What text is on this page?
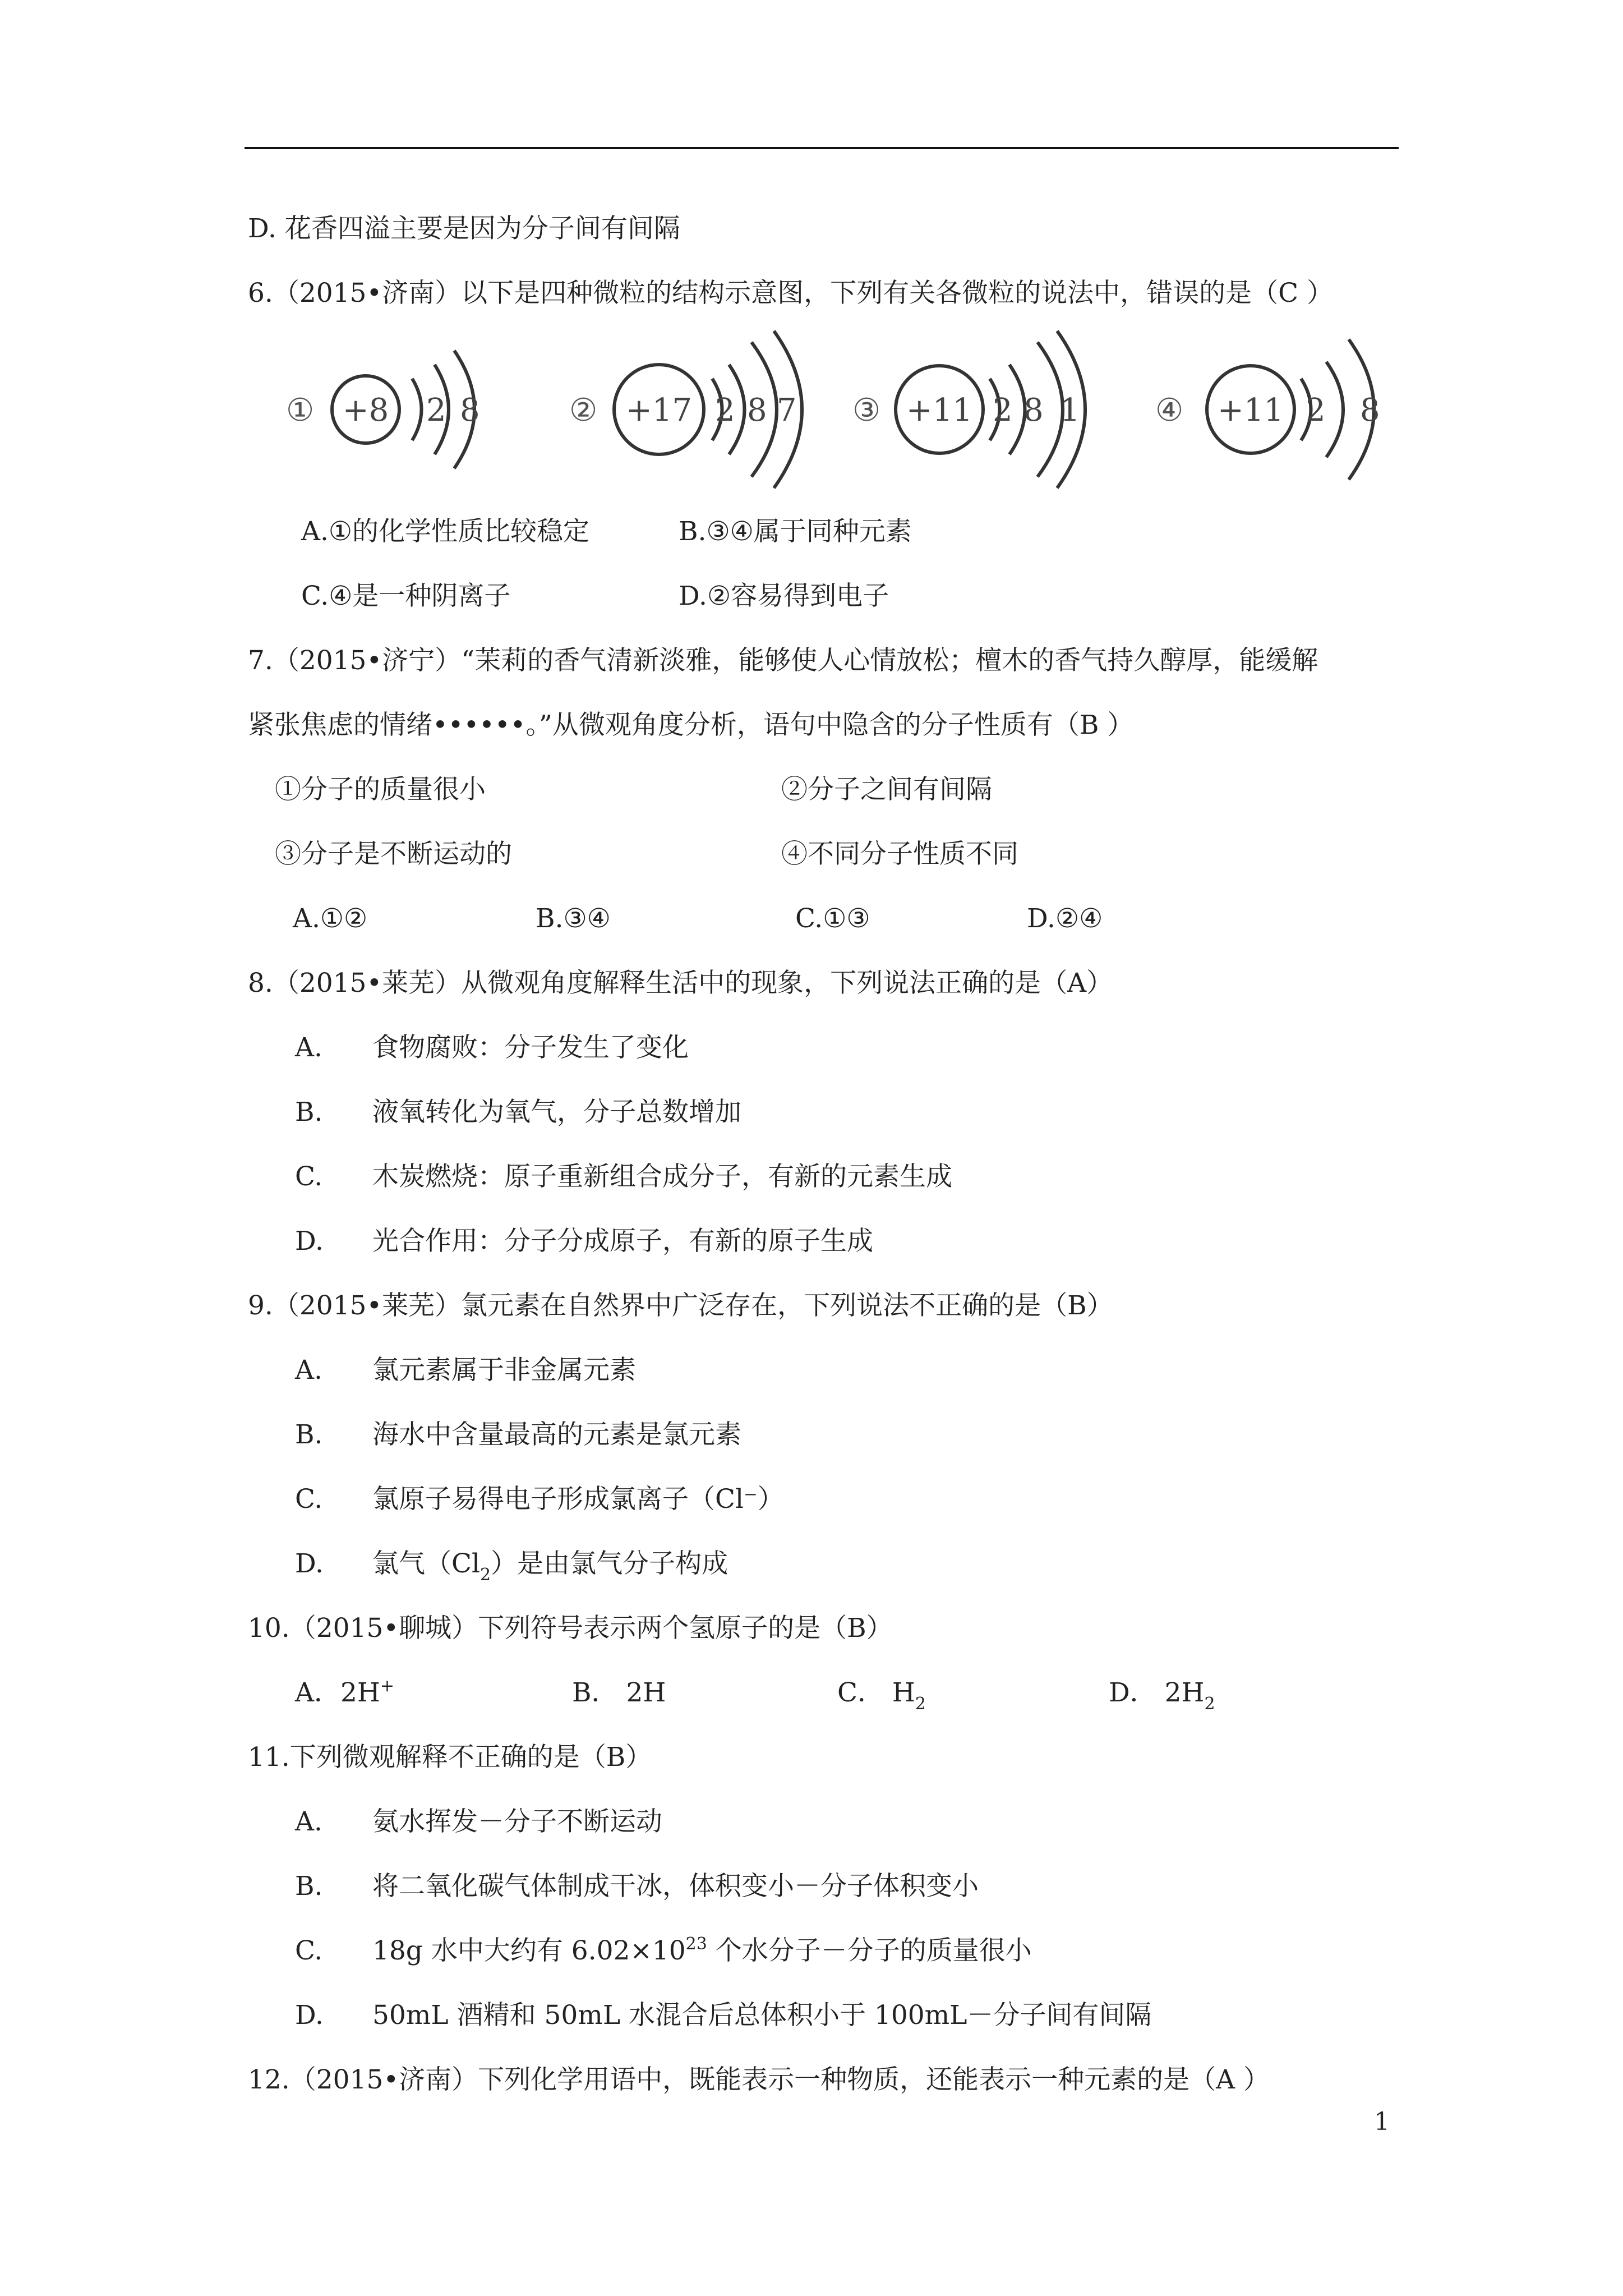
D. 花香四溢主要是因为分子间有间隔
6.（2015•济南）以下是四种微粒的结构示意图，下列有关各微粒的说法中，错误的是（C ）
① +8 2 8	② +17 2 8 7 ③ +11 2 8 1 ④ +11 2 8
A.①的化学性质比较稳定	B.③④属于同种元素
C.④是一种阴离子	D.②容易得到电子
7.（2015•济宁）“茉莉的香气清新淡雅，能够使人心情放松；檀木的香气持久醇厚，能缓解
紧张焦虑的情绪••••••。”从微观角度分析，语句中隐含的分子性质有（B ）
①分子的质量很小	②分子之间有间隔
③分子是不断运动的	④不同分子性质不同
A.①②	B.③④	C.①③	D.②④
8.（2015•莱芜）从微观角度解释生活中的现象，下列说法正确的是（A）
A. 食物腐败：分子发生了变化
B. 液氧转化为氧气，分子总数增加
C. 木炭燃烧：原子重新组合成分子，有新的元素生成
D. 光合作用：分子分成原子，有新的原子生成
9.（2015•莱芜）氯元素在自然界中广泛存在，下列说法不正确的是（B）
A. 氯元素属于非金属元素
B. 海水中含量最高的元素是氯元素
C. 氯原子易得电子形成氯离子（Cl⁻）
D. 氯气$(Cl_2)$是由氯气分子构成
10.（2015•聊城）下列符号表示两个氢原子的是（B）
A．2H+	B． 2H	C． $H_2$	D． $2H_2$
11.下列微观解释不正确的是（B）
A. 氨水挥发－分子不断运动
B. 将二氧化碳气体制成干冰，体积变小－分子体积变小
C. 18g 水中大约有 $6.02\times 10^{23}$ 个水分子－分子的质量很小
D. 50mL 酒精和 50mL 水混合后总体积小于 100mL－分子间有间隔
12.（2015•济南）下列化学用语中，既能表示一种物质，还能表示一种元素的是（A ）
1
